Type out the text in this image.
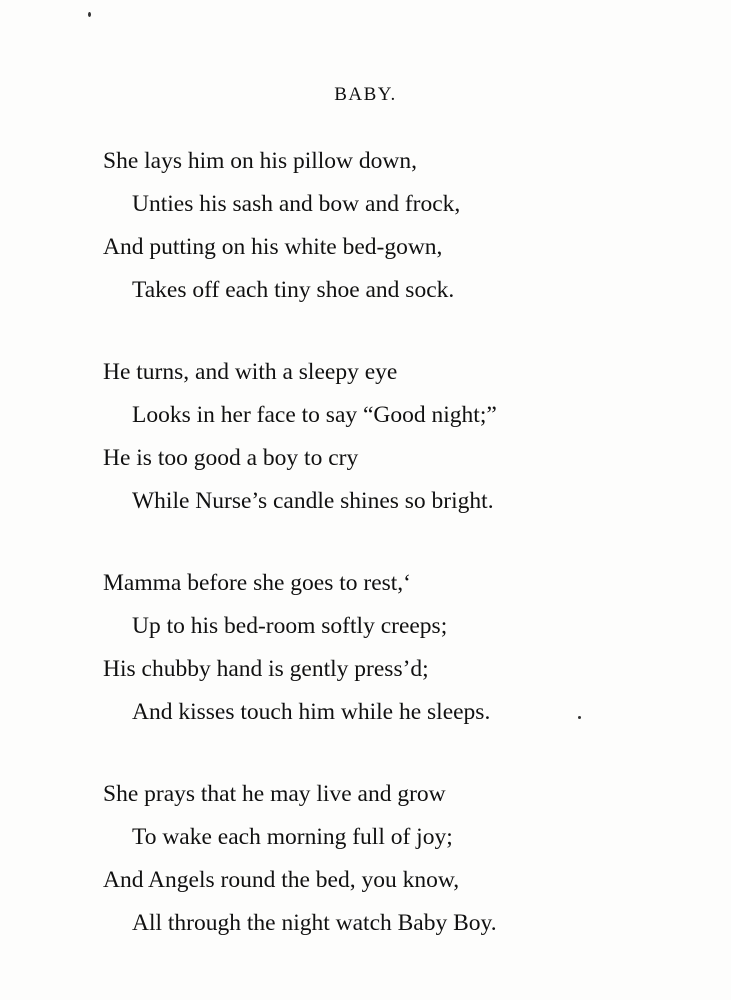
BABY.
She lays him on his pillow down,
Unties his sash and bow and frock,
And putting on his white bed-gown,
Takes off each tiny shoe and sock.
He turns, and with a sleepy eye
Looks in her face to say “Good night;”
He is too good a boy to cry
While Nurse’s candle shines so bright.
Mamma before she goes to rest,‘
Up to his bed-room softly creeps;
His chubby hand is gently press’d;
And kisses touch him while he sleeps.
She prays that he may live and grow
To wake each morning full of joy;
And Angels round the bed, you know,
All through the night watch Baby Boy.
